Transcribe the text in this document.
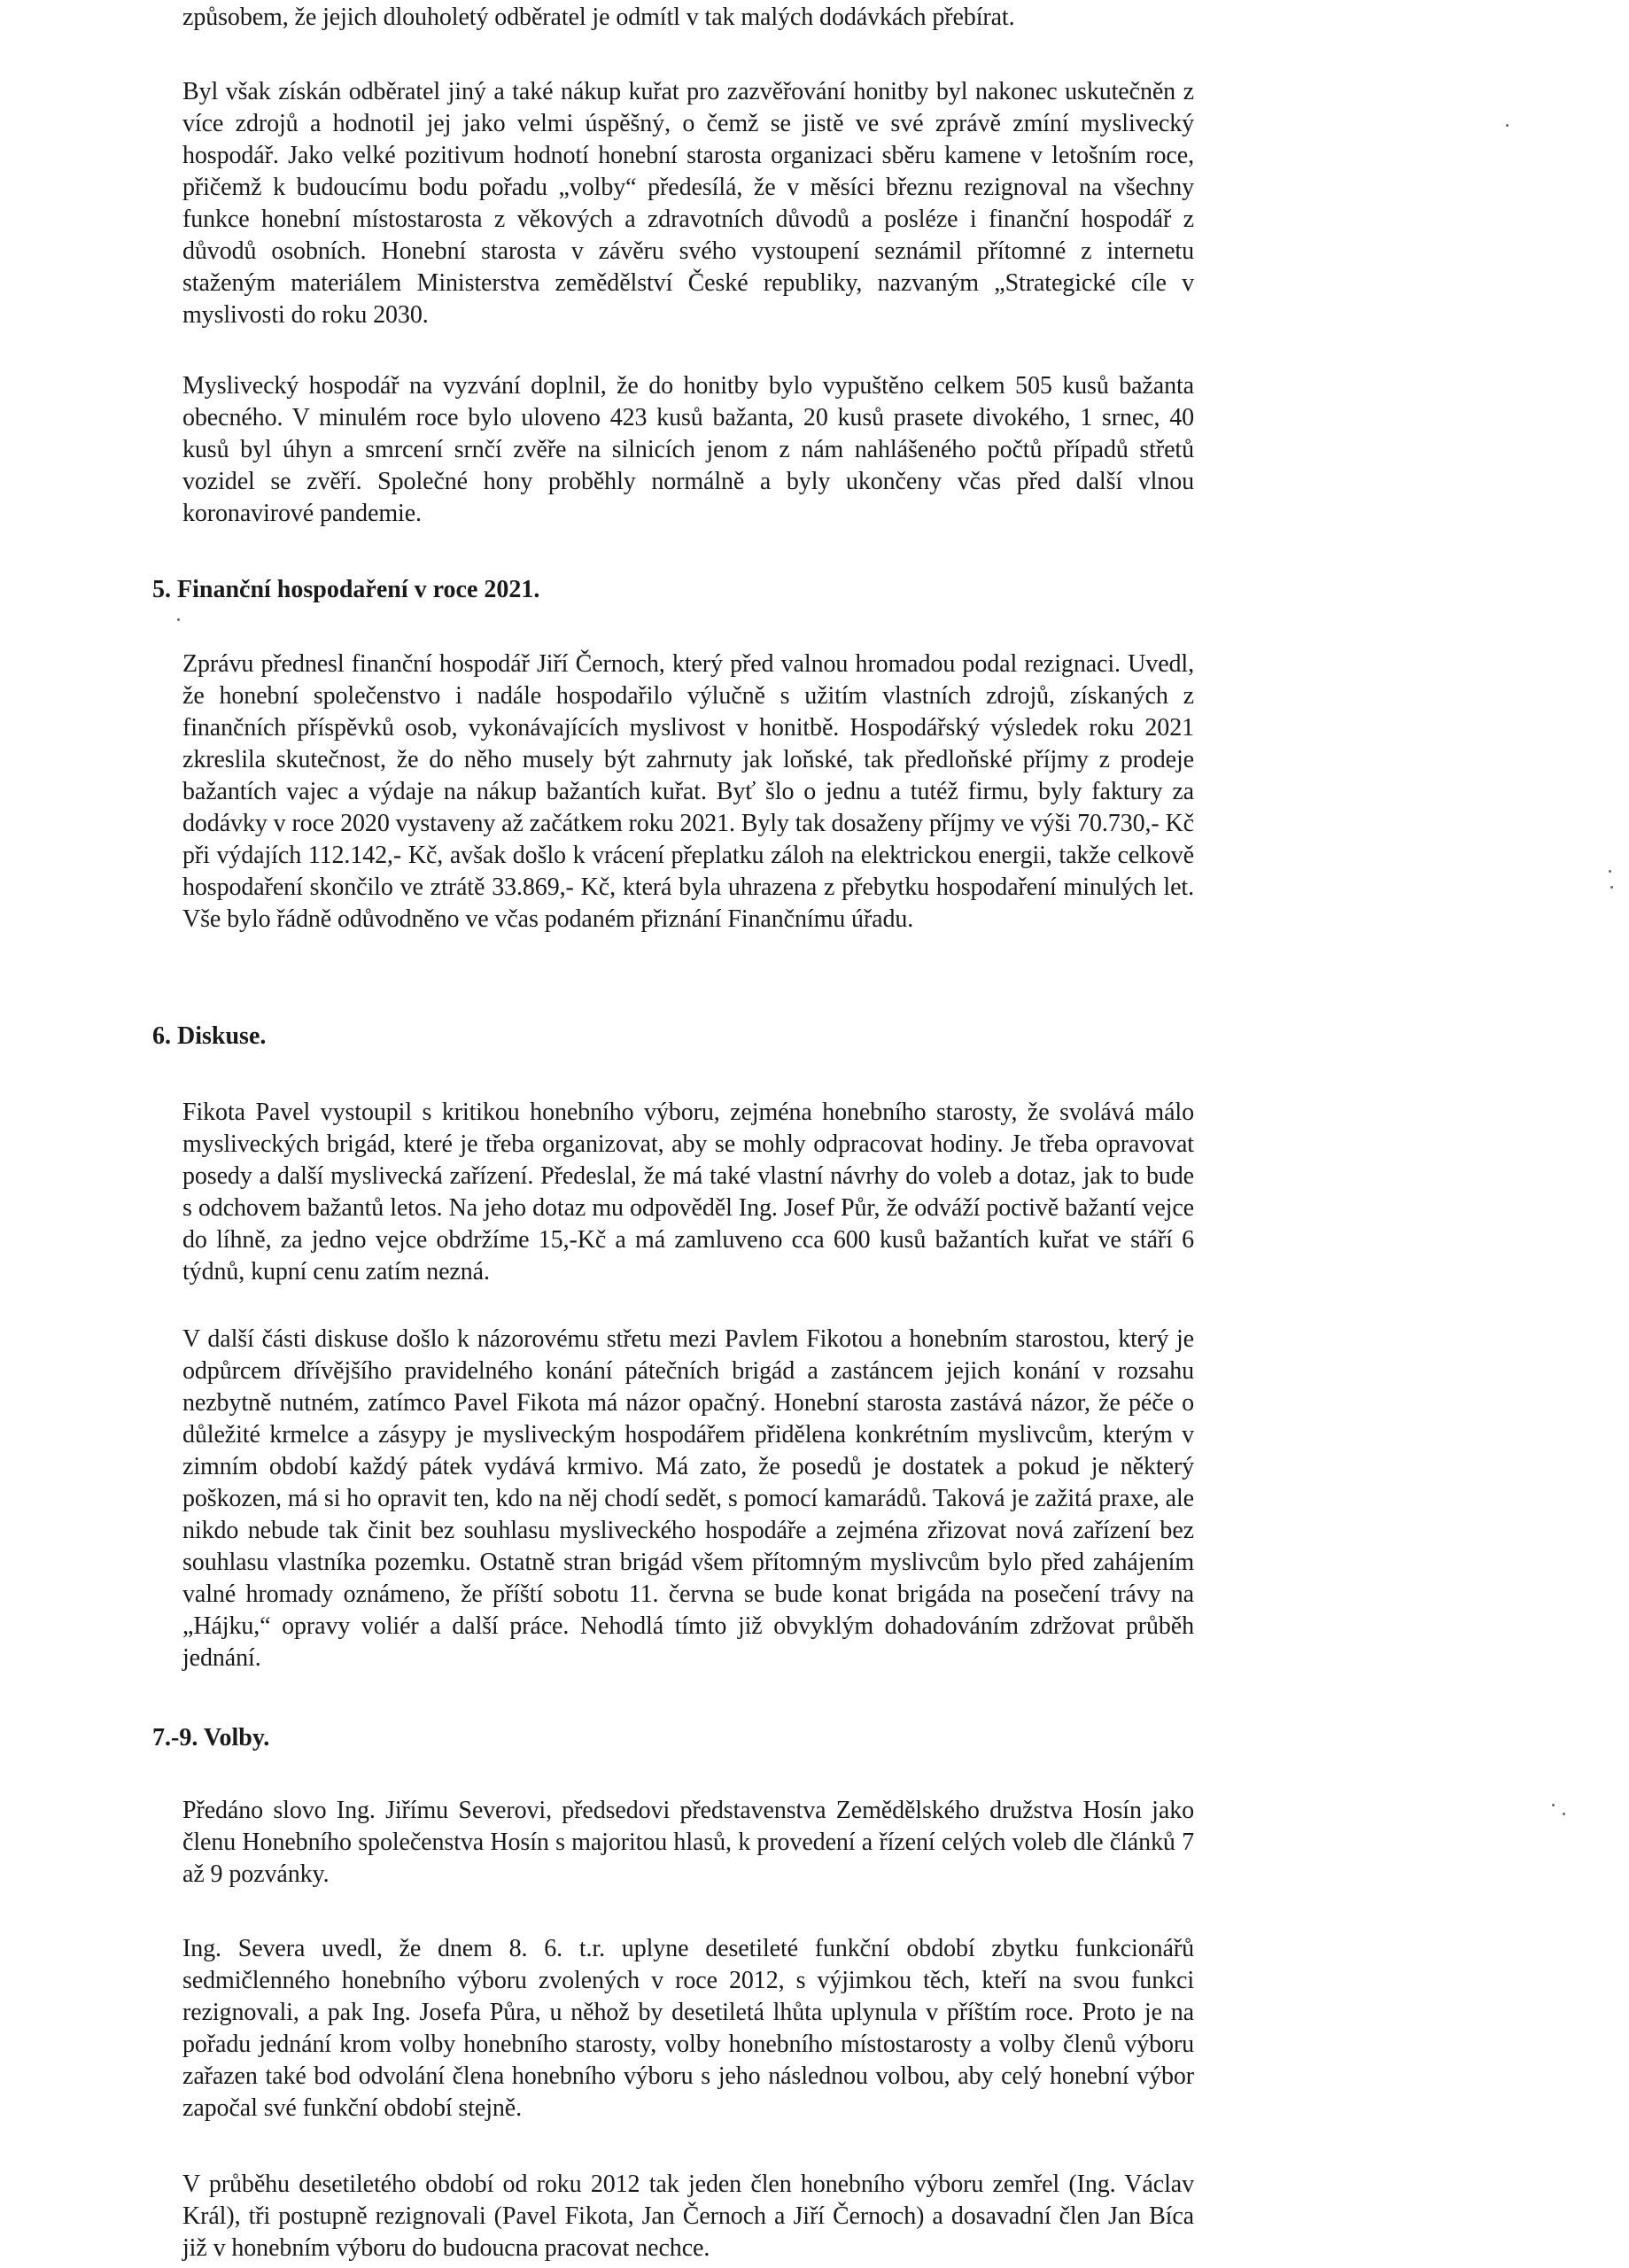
způsobem, že jejich dlouholetý odběratel je odmítl v tak malých dodávkách přebírat.

Byl však získán odběratel jiný a také nákup kuřat pro zazvěřování honitby byl nakonec uskutečněn z více zdrojů a hodnotil jej jako velmi úspěšný, o čemž se jistě ve své zprávě zmíní myslivecký hospodář. Jako velké pozitivum hodnotí honební starosta organizaci sběru kamene v letošním roce, přičemž k budoucímu bodu pořadu „volby“ předesílá, že v měsíci březnu rezignoval na všechny funkce honební místostarosta z věkových a zdravotních důvodů a posléze i finanční hospodář z důvodů osobních. Honební starosta v závěru svého vystoupení seznámil přítomné z internetu staženým materiálem Ministerstva zemědělství České republiky, nazvaným „Strategické cíle v myslivosti do roku 2030.

Myslivecký hospodář na vyzvání doplnil, že do honitby bylo vypuštěno celkem 505 kusů bažanta obecného. V minulém roce bylo uloveno 423 kusů bažanta, 20 kusů prasete divokého, 1 srnec, 40 kusů byl úhyn a smrcení srnčí zvěře na silnicích jenom z nám nahlášeného počtů případů střetů vozidel se zvěří. Společné hony proběhly normálně a byly ukončeny včas před další vlnou koronavirové pandemie.

5. Finanční hospodaření v roce 2021.

Zprávu přednesl finanční hospodář Jiří Černoch, který před valnou hromadou podal rezignaci. Uvedl, že honební společenstvo i nadále hospodařilo výlučně s užitím vlastních zdrojů, získaných z finančních příspěvků osob, vykonávajících myslivost v honitbě. Hospodářský výsledek roku 2021 zkreslila skutečnost, že do něho musely být zahrnuty jak loňské, tak předloňské příjmy z prodeje bažantích vajec a výdaje na nákup bažantích kuřat. Byť šlo o jednu a tutéž firmu, byly faktury za dodávky v roce 2020 vystaveny až začátkem roku 2021. Byly tak dosaženy příjmy ve výši 70.730,- Kč při výdajích 112.142,- Kč, avšak došlo k vrácení přeplatku záloh na elektrickou energii, takže celkově hospodaření skončilo ve ztrátě 33.869,- Kč, která byla uhrazena z přebytku hospodaření minulých let. Vše bylo řádně odůvodněno ve včas podaném přiznání Finančnímu úřadu.

6. Diskuse.

Fikota Pavel vystoupil s kritikou honebního výboru, zejména honebního starosty, že svolává málo mysliveckých brigád, které je třeba organizovat, aby se mohly odpracovat hodiny. Je třeba opravovat posedy a další myslivecká zařízení. Předeslal, že má také vlastní návrhy do voleb a dotaz, jak to bude s odchovem bažantů letos. Na jeho dotaz mu odpověděl Ing. Josef Půr, že odváží poctivě bažantí vejce do líhně, za jedno vejce obdržíme 15,-Kč a má zamluveno cca 600 kusů bažantích kuřat ve stáří 6 týdnů, kupní cenu zatím nezná.

V další části diskuse došlo k názorovému střetu mezi Pavlem Fikotou a honebním starostou, který je odpůrcem dřívějšího pravidelného konání pátečních brigád a zastáncem jejich konání v rozsahu nezbytně nutném, zatímco Pavel Fikota má názor opačný. Honební starosta zastává názor, že péče o důležité krmelce a zásypy je mysliveckým hospodářem přidělena konkrétním myslivcům, kterým v zimním období každý pátek vydává krmivo. Má zato, že posedů je dostatek a pokud je některý poškozen, má si ho opravit ten, kdo na něj chodí sedět, s pomocí kamarádů. Taková je zažitá praxe, ale nikdo nebude tak činit bez souhlasu mysliveckého hospodáře a zejména zřizovat nová zařízení bez souhlasu vlastníka pozemku. Ostatně stran brigád všem přítomným myslivcům bylo před zahájením valné hromady oznámeno, že příští sobotu 11. června se bude konat brigáda na posečení trávy na „Hájku,“ opravy voliér a další práce. Nehodlá tímto již obvyklým dohadováním zdržovat průběh jednání.

7.-9. Volby.

Předáno slovo Ing. Jiřímu Severovi, předsedovi představenstva Zemědělského družstva Hosín jako členu Honebního společenstva Hosín s majoritou hlasů, k provedení a řízení celých voleb dle článků 7 až 9 pozvánky.

Ing. Severa uvedl, že dnem 8. 6. t.r. uplyne desetileté funkční období zbytku funkcionářů sedmičlenného honebního výboru zvolených v roce 2012, s výjimkou těch, kteří na svou funkci rezignovali, a pak Ing. Josefa Půra, u něhož by desetiletá lhůta uplynula v příštím roce. Proto je na pořadu jednání krom volby honebního starosty, volby honebního místostarosty a volby členů výboru zařazen také bod odvolání člena honebního výboru s jeho následnou volbou, aby celý honební výbor započal své funkční období stejně.

V průběhu desetiletého období od roku 2012 tak jeden člen honebního výboru zemřel (Ing. Václav Král), tři postupně rezignovali (Pavel Fikota, Jan Černoch a Jiří Černoch) a dosavadní člen Jan Bíca již v honebním výboru do budoucna pracovat nechce.
